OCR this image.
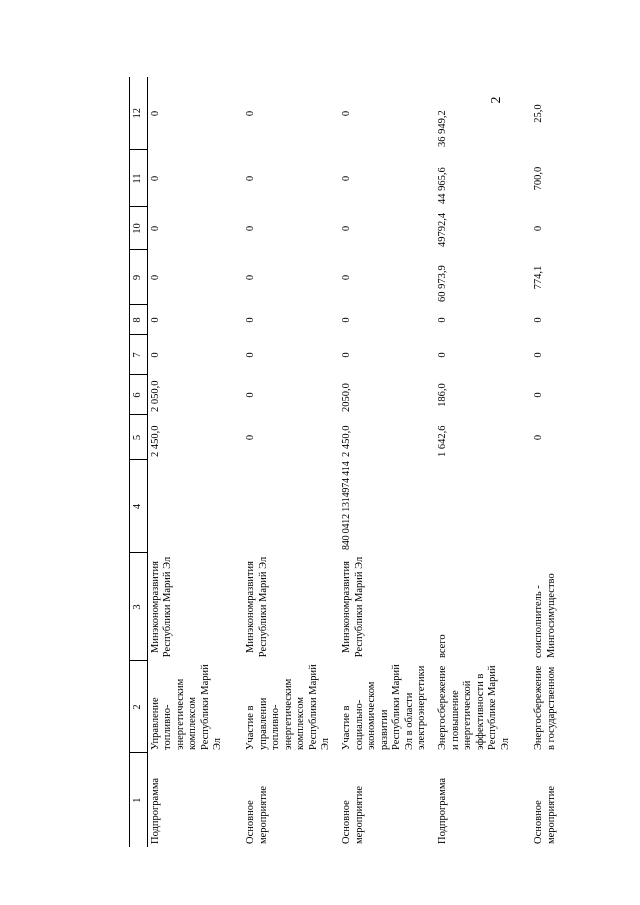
2
1	2	3	4	5	6	7	8	9	10	11	12
Подпрограмма	Управление топливно-энергетическим комплексом Республики Марий Эл	Минэкономразвития Республики Марий Эл		2 450,0	2 050,0	0	0	0	0	0	0
Основное мероприятие	Участие в управлении топливно-энергетическим комплексом Республики Марий Эл	Минэкономразвития Республики Марий Эл		0	0	0	0	0	0	0	0
Основное мероприятие	Участие в социально-экономическом развитии Республики Марий Эл в области электроэнергетики	Минэкономразвития Республики Марий Эл	840 0412 1314974 414	2 450,0	2050,0	0	0	0	0	0	0
Подпрограмма	Энергосбережение и повышение энергетической эффективности в Республике Марий Эл	всего		1 642,6	186,0	0	0	60 973,9	49792,4	44 965,6	36 949,2
Основное мероприятие	Энергосбережение в государственном	соисполнитель - Мингосимущество		0	0	0	0	774,1	0	700,0	25,0
